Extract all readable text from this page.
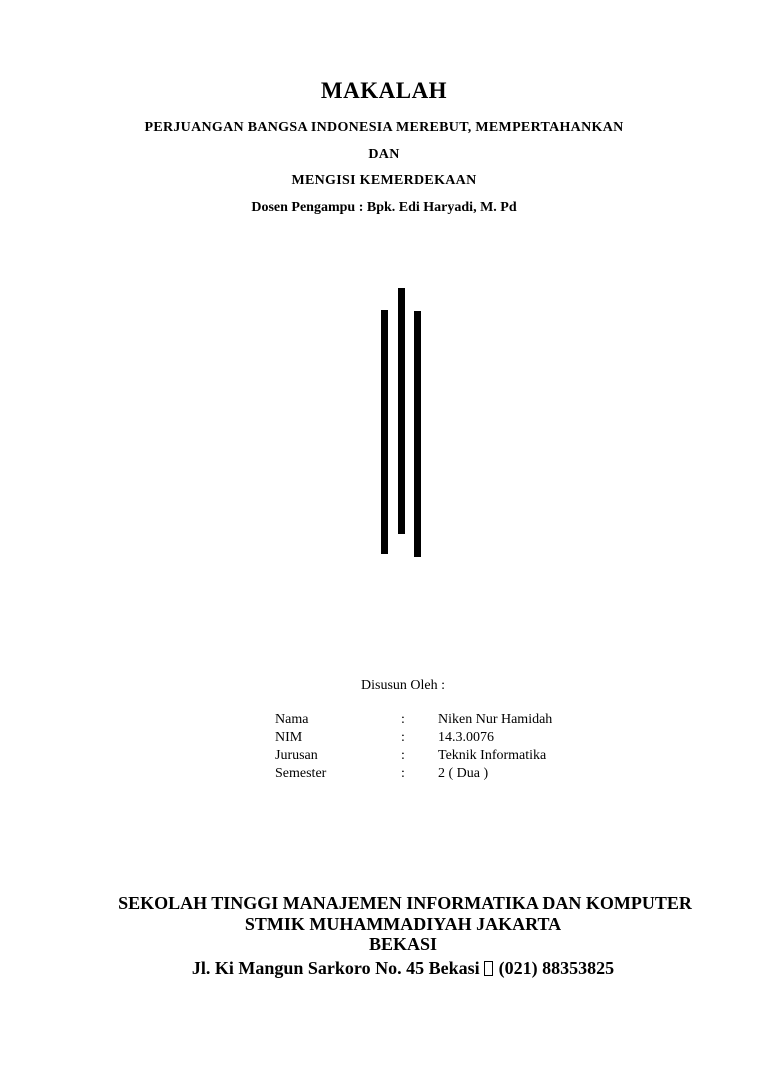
MAKALAH
PERJUANGAN BANGSA INDONESIA MEREBUT, MEMPERTAHANKAN
DAN
MENGISI KEMERDEKAAN
Dosen Pengampu : Bpk. Edi Haryadi, M. Pd
Disusun Oleh :
Nama	:	Niken Nur Hamidah
NIM	:	14.3.0076
Jurusan	:	Teknik Informatika
Semester	:	2 ( Dua )
SEKOLAH TINGGI MANAJEMEN INFORMATIKA DAN KOMPUTER
STMIK MUHAMMADIYAH JAKARTA
BEKASI
Jl. Ki Mangun Sarkoro No. 45 Bekasi (021) 88353825
